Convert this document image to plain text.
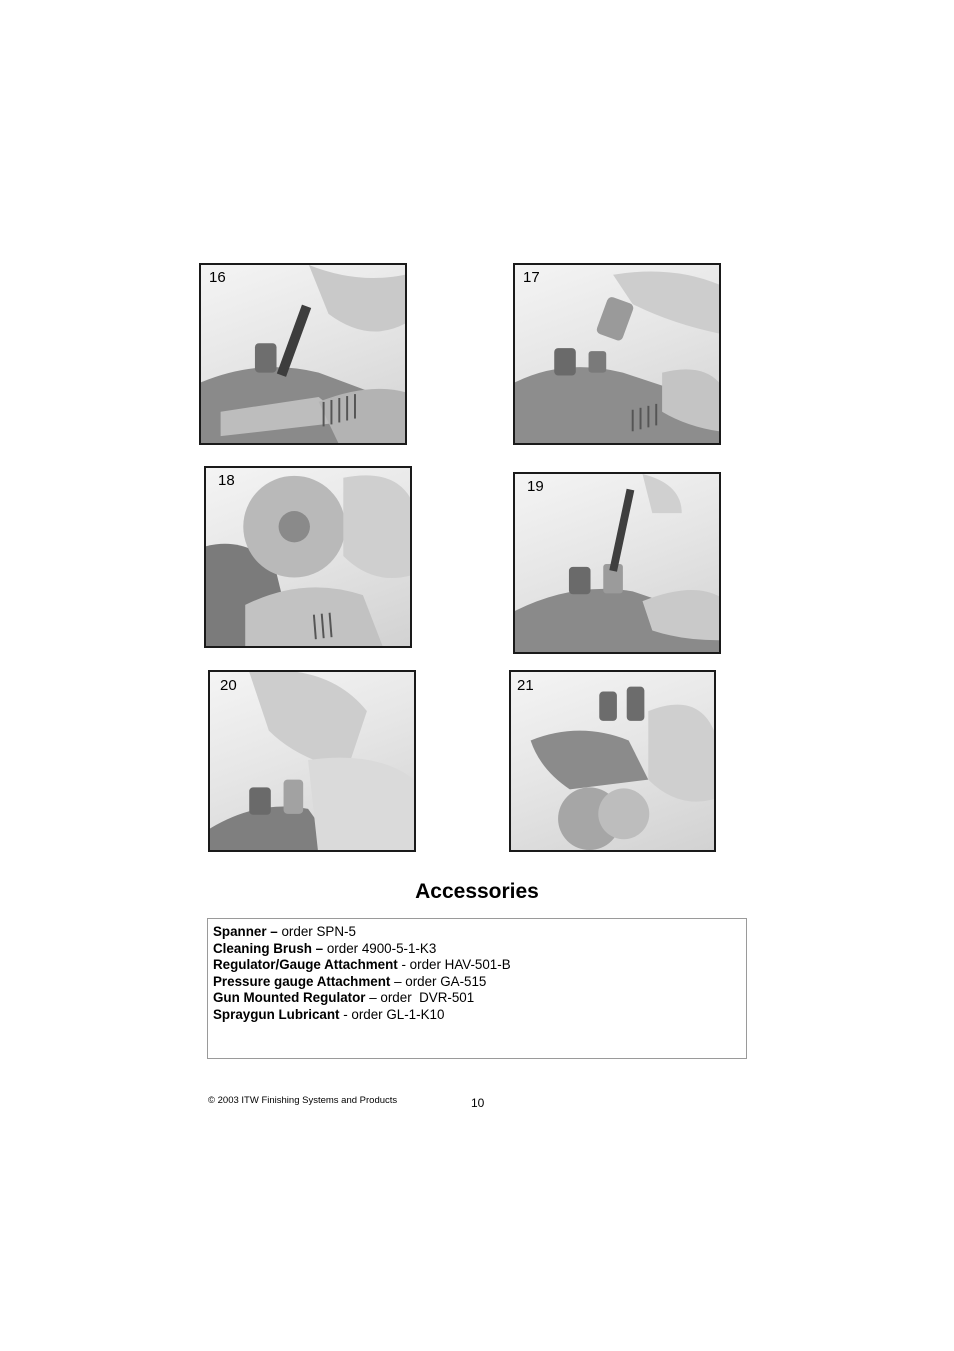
16	17
18	19
20	21
Accessories
Spanner – order SPN-5
Cleaning Brush – order 4900-5-1-K3
Regulator/Gauge Attachment - order HAV-501-B
Pressure gauge Attachment – order GA-515
Gun Mounted Regulator – order  DVR-501
Spraygun Lubricant - order GL-1-K10
© 2003 ITW Finishing Systems and Products	10
